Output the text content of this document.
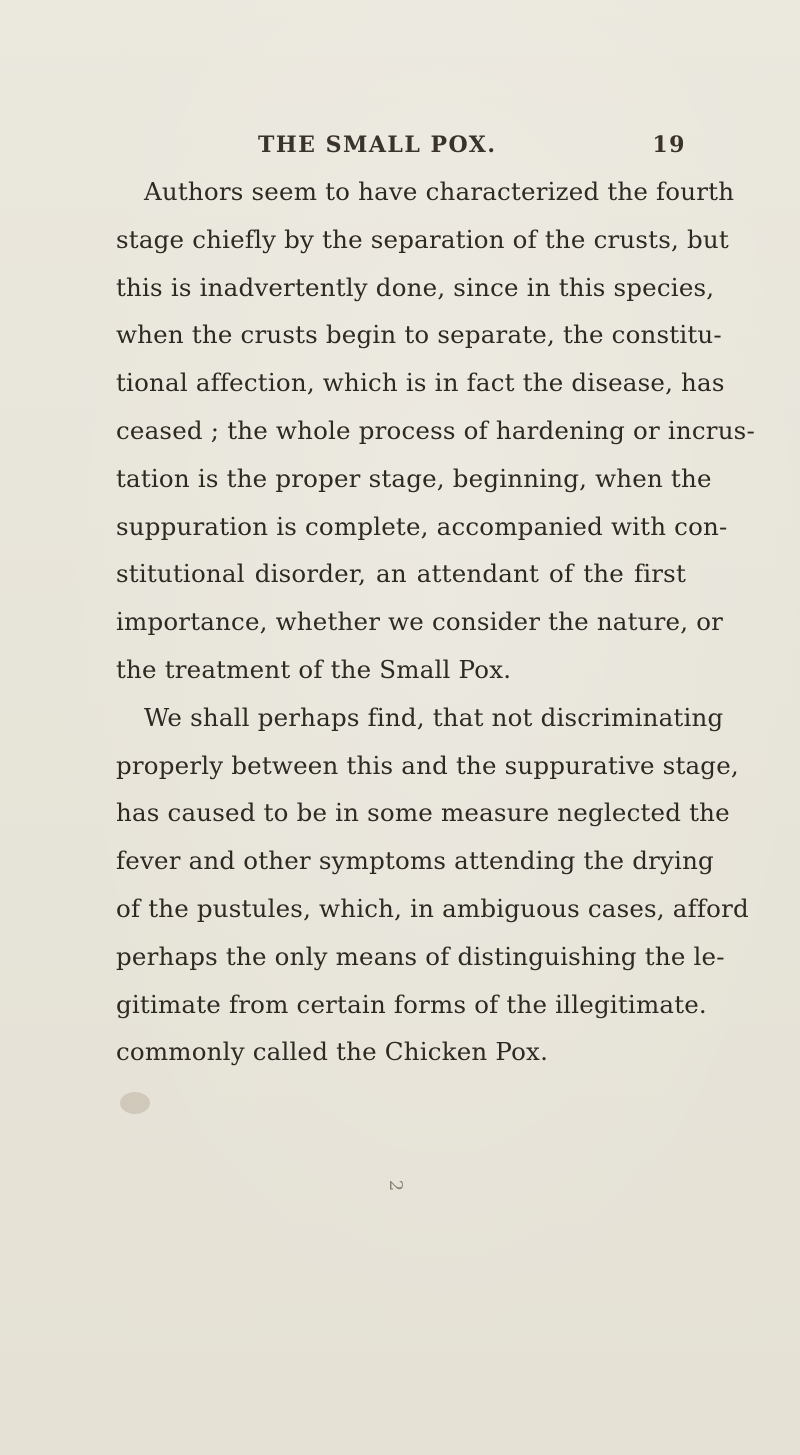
THE SMALL POX.	19
Authors seem to have characterized the fourth
stage chiefly by the separation of the crusts, but
this is inadvertently done, since in this species,
when the crusts begin to separate, the constitu-
tional affection, which is in fact the disease, has
ceased ; the whole process of hardening or incrus-
tation is the proper stage, beginning, when the
suppuration is complete, accompanied with con-
stitutional disorder, an attendant of the first
importance, whether we consider the nature, or
the treatment of the Small Pox.
We shall perhaps find, that not discriminating
properly between this and the suppurative stage,
has caused to be in some measure neglected the
fever and other symptoms attending the drying
of the pustules, which, in ambiguous cases, afford
perhaps the only means of distinguishing the le-
gitimate from certain forms of the illegitimate.
commonly called the Chicken Pox.
2
